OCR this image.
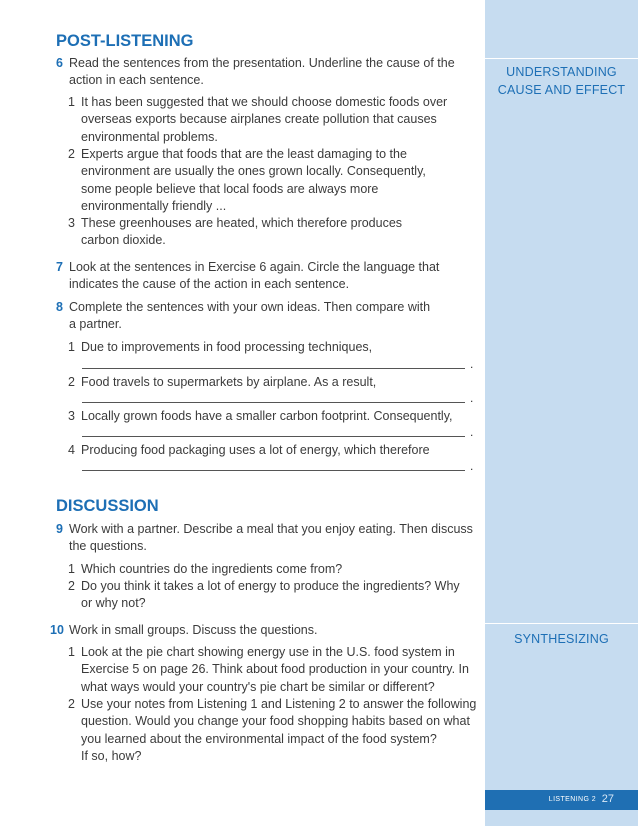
UNDERSTANDING
CAUSE AND EFFECT
SYNTHESIZING
LISTENING 2 27
POST-LISTENING
6 Read the sentences from the presentation. Underline the cause of the
action in each sentence.
1 It has been suggested that we should choose domestic foods over
overseas exports because airplanes create pollution that causes
environmental problems.
2 Experts argue that foods that are the least damaging to the
environment are usually the ones grown locally. Consequently,
some people believe that local foods are always more
environmentally friendly ...
3 These greenhouses are heated, which therefore produces
carbon dioxide.
7 Look at the sentences in Exercise 6 again. Circle the language that
indicates the cause of the action in each sentence.
8 Complete the sentences with your own ideas. Then compare with
a partner.
1 Due to improvements in food processing techniques,
.
2 Food travels to supermarkets by airplane. As a result,
.
3 Locally grown foods have a smaller carbon footprint. Consequently,
.
4 Producing food packaging uses a lot of energy, which therefore
.
DISCUSSION
9 Work with a partner. Describe a meal that you enjoy eating. Then discuss
the questions.
1 Which countries do the ingredients come from?
2 Do you think it takes a lot of energy to produce the ingredients? Why
or why not?
10 Work in small groups. Discuss the questions.
1 Look at the pie chart showing energy use in the U.S. food system in
Exercise 5 on page 26. Think about food production in your country. In
what ways would your country's pie chart be similar or different?
2 Use your notes from Listening 1 and Listening 2 to answer the following
question. Would you change your food shopping habits based on what
you learned about the environmental impact of the food system?
If so, how?
